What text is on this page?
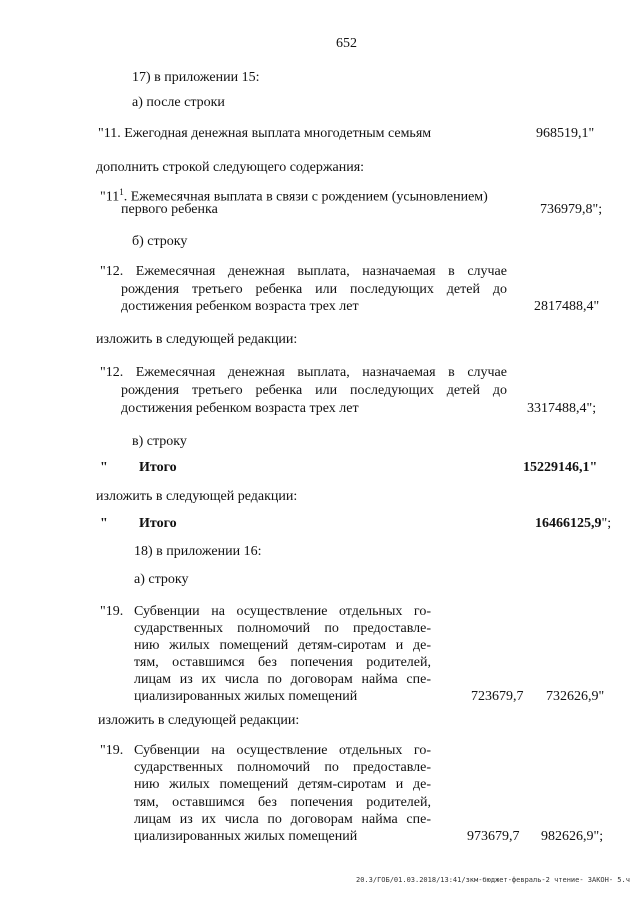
652
17) в приложении 15:
а) после строки
"11. Ежегодная денежная выплата многодетным семьям	968519,1"
дополнить строкой следующего содержания:
"$11^1$. Ежемесячная выплата в связи с рождением (усыновлением)
первого ребенка	736979,8";
б) строку
"12. Ежемесячная денежная выплата, назначаемая в случае
рождения третьего ребенка или последующих детей до
достижения ребенком возраста трех лет	2817488,4"
изложить в следующей редакции:
"12. Ежемесячная денежная выплата, назначаемая в случае
рождения третьего ребенка или последующих детей до
достижения ребенком возраста трех лет	3317488,4";
в) строку
" Итого	15229146,1"
изложить в следующей редакции:
" Итого	16466125,9";
18) в приложении 16:
а) строку
"19. Субвенции на осуществление отдельных го-
сударственных полномочий по предоставле-
нию жилых помещений детям-сиротам и де-
тям, оставшимся без попечения родителей,
лицам из их числа по договорам найма спе-
циализированных жилых помещений	723679,7 732626,9"
изложить в следующей редакции:
"19. Субвенции на осуществление отдельных го-
сударственных полномочий по предоставле-
нию жилых помещений детям-сиротам и де-
тям, оставшимся без попечения родителей,
лицам из их числа по договорам найма спе-
циализированных жилых помещений	973679,7 982626,9";
20.3/ГОБ/01.03.2018/13:41/зкм-бюджет-февраль-2 чтение- ЗАКОН- 5.ч
